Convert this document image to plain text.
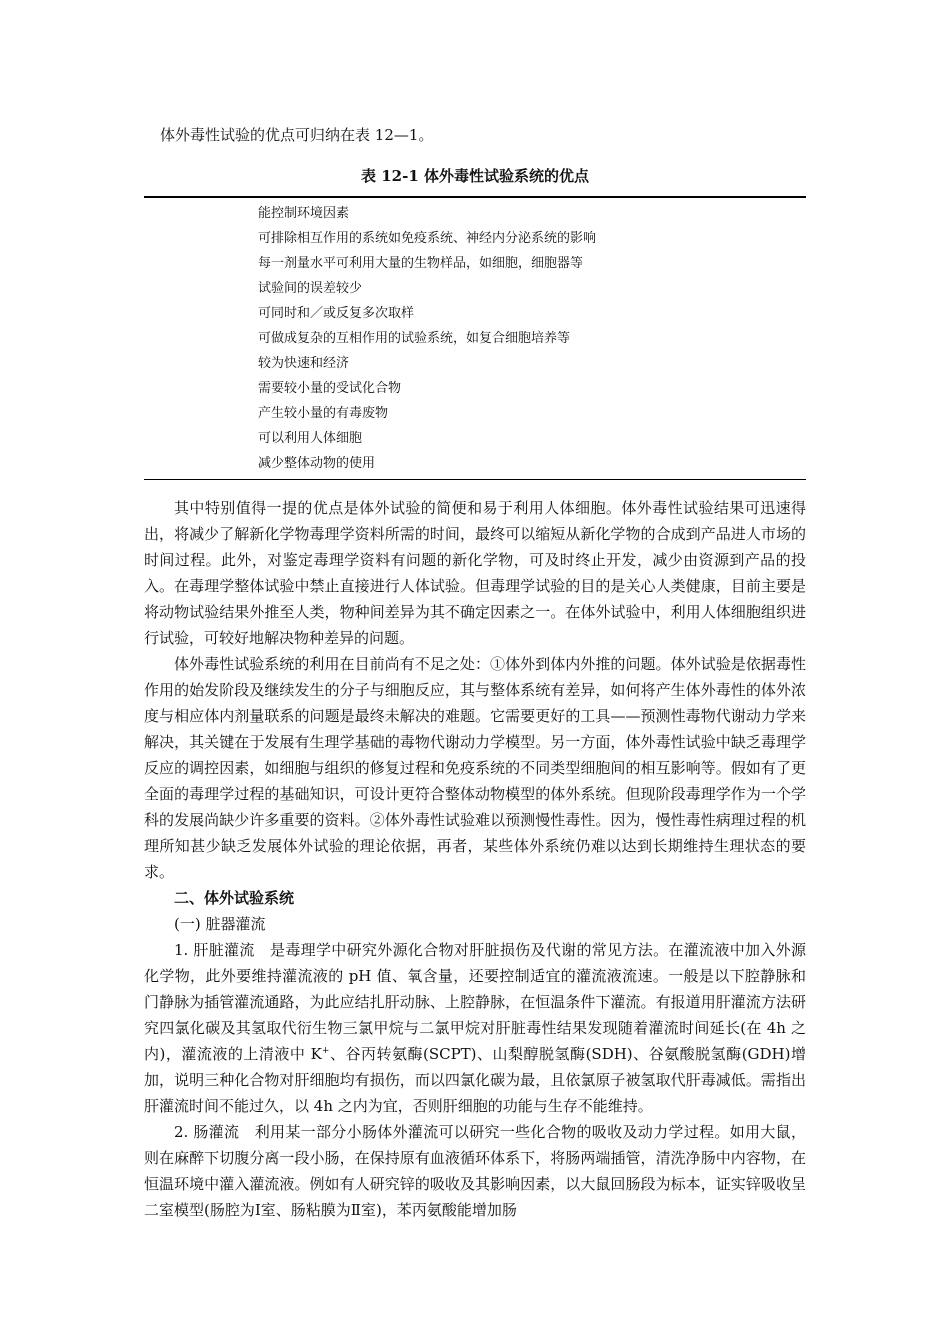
体外毒性试验的优点可归纳在表 12—1。
表 12-1 体外毒性试验系统的优点
能控制环境因素
可排除相互作用的系统如免疫系统、神经内分泌系统的影响
每一剂量水平可利用大量的生物样品，如细胞，细胞器等
试验间的误差较少
可同时和／或反复多次取样
可做成复杂的互相作用的试验系统，如复合细胞培养等
较为快速和经济
需要较小量的受试化合物
产生较小量的有毒废物
可以利用人体细胞
减少整体动物的使用

其中特别值得一提的优点是体外试验的简便和易于利用人体细胞。体外毒性试验结果可迅速得出，将减少了解新化学物毒理学资料所需的时间，最终可以缩短从新化学物的合成到产品进人市场的时间过程。此外，对鉴定毒理学资料有问题的新化学物，可及时终止开发，减少由资源到产品的投入。在毒理学整体试验中禁止直接进行人体试验。但毒理学试验的目的是关心人类健康，目前主要是将动物试验结果外推至人类，物种间差异为其不确定因素之一。在体外试验中，利用人体细胞组织进行试验，可较好地解决物种差异的问题。

体外毒性试验系统的利用在目前尚有不足之处：①体外到体内外推的问题。体外试验是依据毒性作用的始发阶段及继续发生的分子与细胞反应，其与整体系统有差异，如何将产生体外毒性的体外浓度与相应体内剂量联系的问题是最终未解决的难题。它需要更好的工具——预测性毒物代谢动力学来解决，其关键在于发展有生理学基础的毒物代谢动力学模型。另一方面，体外毒性试验中缺乏毒理学反应的调控因素，如细胞与组织的修复过程和免疫系统的不同类型细胞间的相互影响等。假如有了更全面的毒理学过程的基础知识，可设计更符合整体动物模型的体外系统。但现阶段毒理学作为一个学科的发展尚缺少许多重要的资料。②体外毒性试验难以预测慢性毒性。因为，慢性毒性病理过程的机理所知甚少缺乏发展体外试验的理论依据，再者，某些体外系统仍难以达到长期维持生理状态的要求。

二、体外试验系统

(一) 脏器灌流

1. 肝脏灌流　是毒理学中研究外源化合物对肝脏损伤及代谢的常见方法。在灌流液中加入外源化学物，此外要维持灌流液的 pH 值、氧含量，还要控制适宜的灌流液流速。一般是以下腔静脉和门静脉为插管灌流通路，为此应结扎肝动脉、上腔静脉，在恒温条件下灌流。有报道用肝灌流方法研究四氯化碳及其氢取代衍生物三氯甲烷与二氯甲烷对肝脏毒性结果发现随着灌流时间延长(在 4h 之内)，灌流液的上清液中 K+、谷丙转氨酶(SCPT)、山梨醇脱氢酶(SDH)、谷氨酸脱氢酶(GDH)增加，说明三种化合物对肝细胞均有损伤，而以四氯化碳为最，且依氯原子被氢取代肝毒减低。需指出肝灌流时间不能过久，以 4h 之内为宜，否则肝细胞的功能与生存不能维持。

2. 肠灌流　利用某一部分小肠体外灌流可以研究一些化合物的吸收及动力学过程。如用大鼠，则在麻醉下切腹分离一段小肠，在保持原有血液循环体系下，将肠两端插管，清洗净肠中内容物，在恒温环境中灌入灌流液。例如有人研究锌的吸收及其影响因素，以大鼠回肠段为标本，证实锌吸收呈二室模型(肠腔为Ⅰ室、肠粘膜为Ⅱ室)，苯丙氨酸能增加肠
